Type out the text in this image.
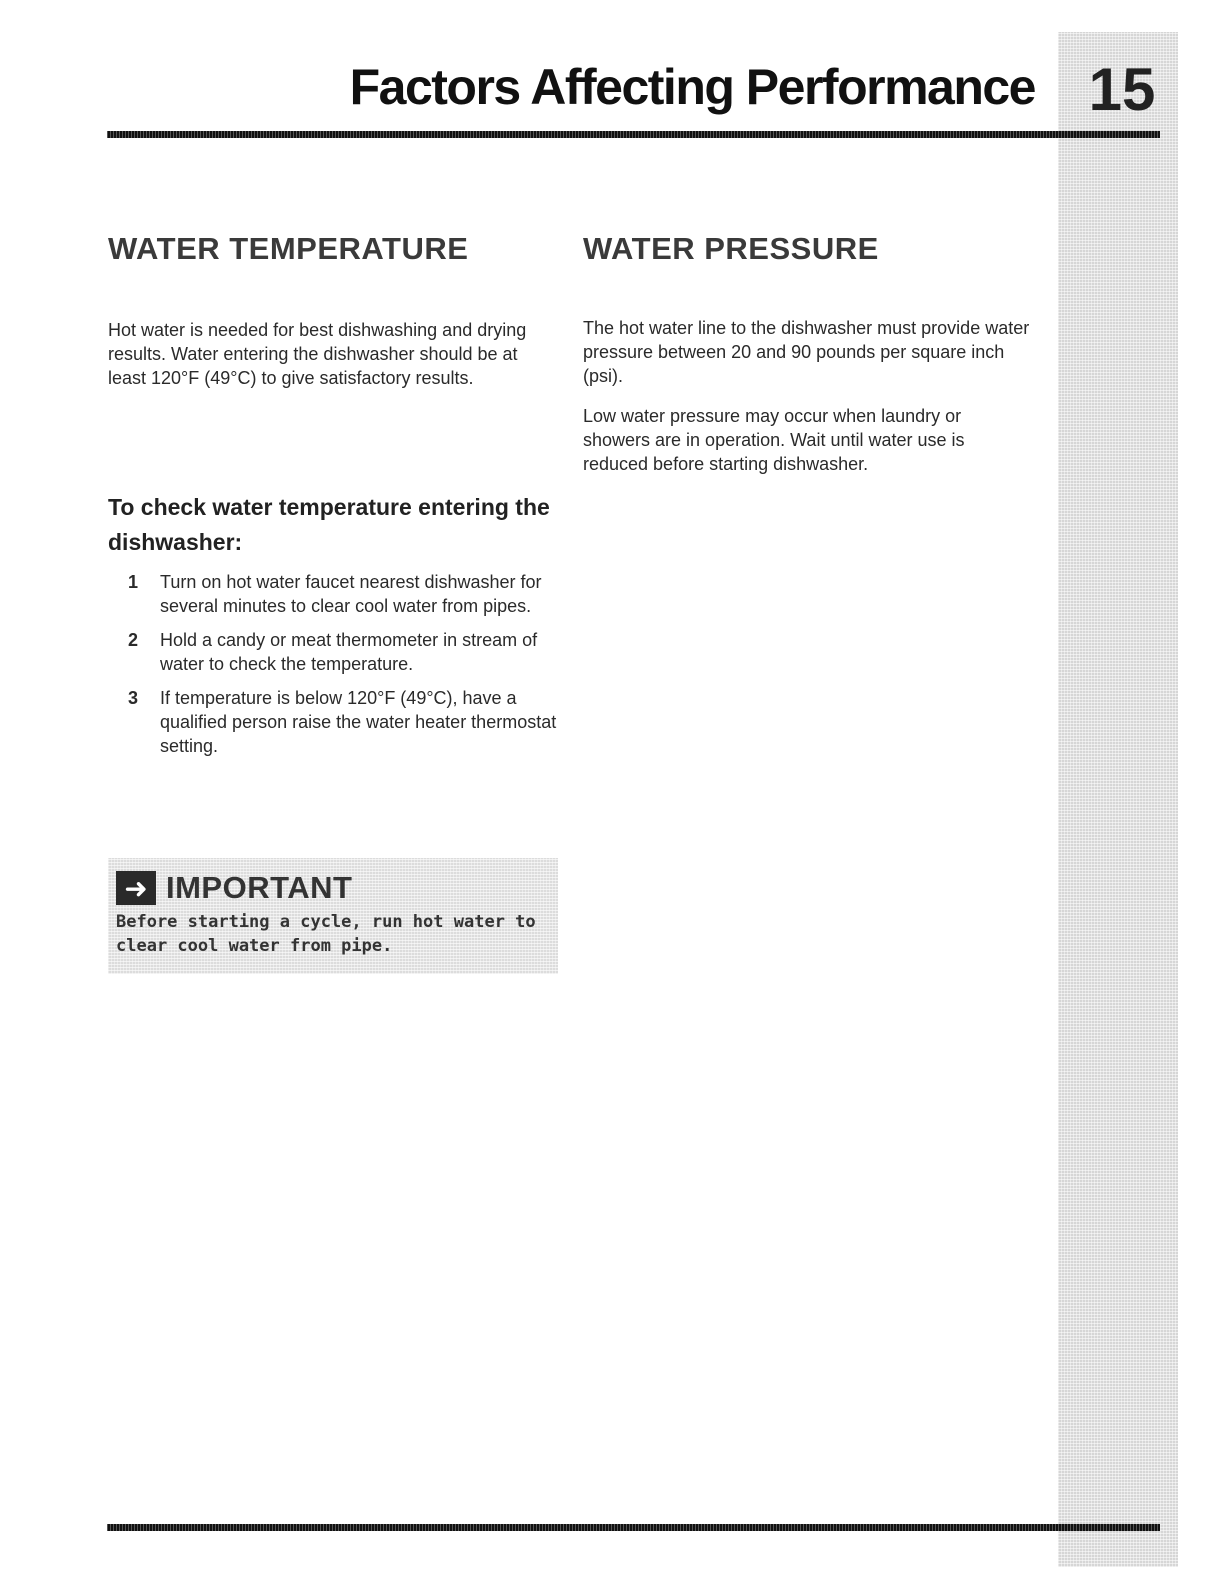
15
Factors Affecting Performance
WATER TEMPERATURE

Hot water is needed for best dishwashing and drying results. Water entering the dishwasher should be at least 120°F (49°C) to give satisfactory results.

To check water temperature entering the dishwasher:
1	Turn on hot water faucet nearest dishwasher for several minutes to clear cool water from pipes.
2	Hold a candy or meat thermometer in stream of water to check the temperature.
3	If temperature is below 120°F (49°C), have a qualified person raise the water heater thermostat setting.
WATER PRESSURE

The hot water line to the dishwasher must provide water pressure between 20 and 90 pounds per square inch (psi).

Low water pressure may occur when laundry or showers are in operation. Wait until water use is reduced before starting dishwasher.

➜ IMPORTANT

Before starting a cycle, run hot water to clear cool water from pipe.
